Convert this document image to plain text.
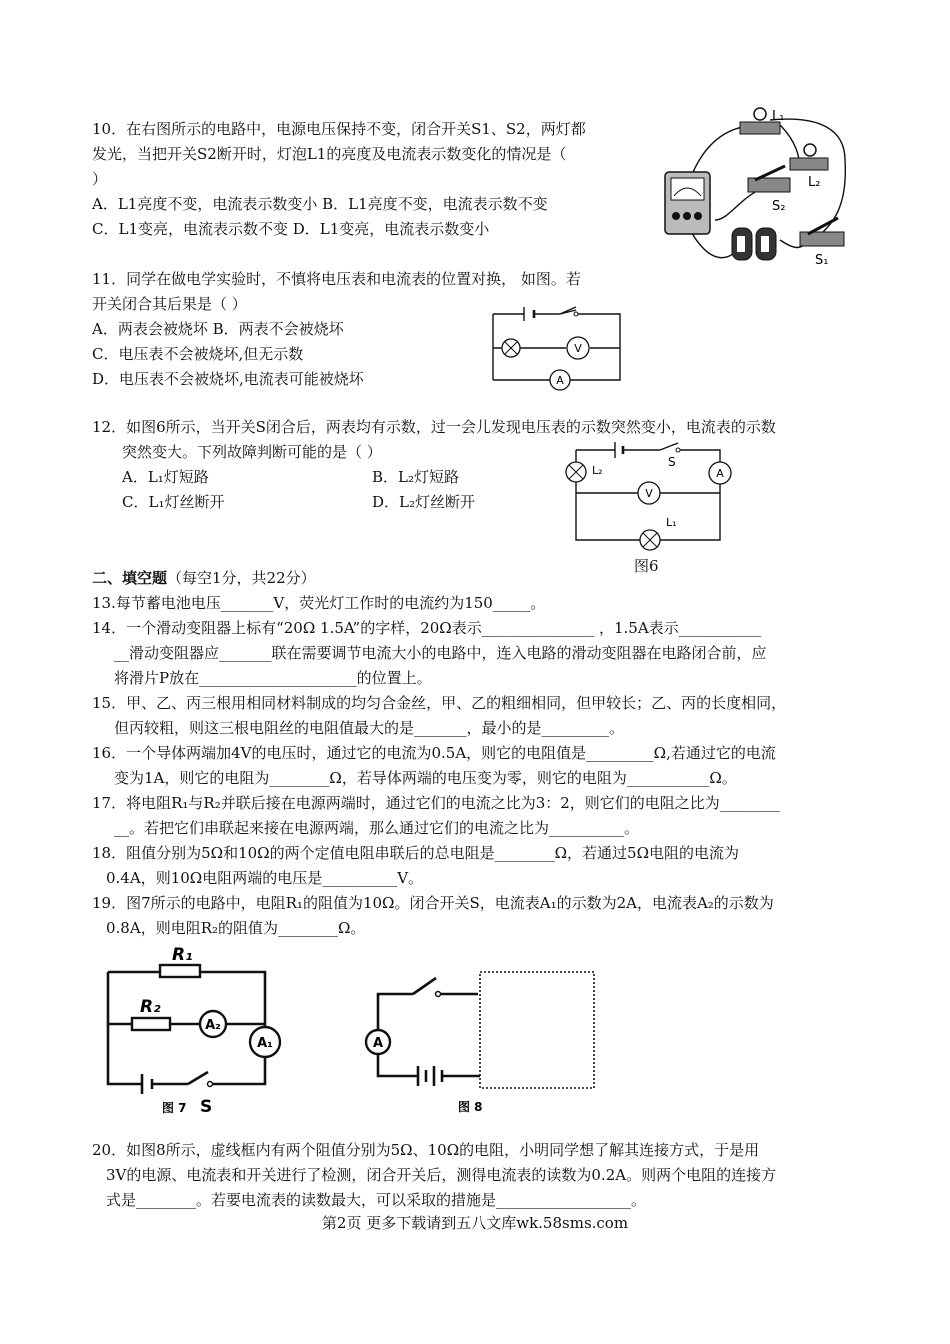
10．在右图所示的电路中，电源电压保持不变，闭合开关S1、S2，两灯都
发光，当把开关S2断开时，灯泡L1的亮度及电流表示数变化的情况是（
）
A．L1亮度不变，电流表示数变小 B．L1亮度不变，电流表示数不变
C．L1变亮，电流表示数不变 D．L1变亮，电流表示数变小
L₁
L₂
S₂
S₁
11．同学在做电学实验时，不慎将电压表和电流表的位置对换， 如图。若
开关闭合其后果是（ ）
A．两表会被烧坏 B．两表不会被烧坏
C．电压表不会被烧坏,但无示数
D．电压表不会被烧坏,电流表可能被烧坏
V
A
12．如图6所示，当开关S闭合后，两表均有示数，过一会儿发现电压表的示数突然变小，电流表的示数
突然变大。下列故障判断可能的是（ ）
A．L₁灯短路	B．L₂灯短路
C．L₁灯丝断开	D．L₂灯丝断开
S
L₂	A
V
L₁
图6
二、填空题（每空1分，共22分）
13.每节蓄电池电压_______V，荧光灯工作时的电流约为150_____。
14．一个滑动变阻器上标有“20Ω 1.5A”的字样，20Ω表示_______________ ，1.5A表示___________
__滑动变阻器应_______联在需要调节电流大小的电路中，连入电路的滑动变阻器在电路闭合前，应
将滑片P放在_____________________的位置上。
15．甲、乙、丙三根用相同材料制成的均匀合金丝，甲、乙的粗细相同，但甲较长；乙、丙的长度相同，
但丙较粗，则这三根电阻丝的电阻值最大的是_______，最小的是_________。
16．一个导体两端加4V的电压时，通过它的电流为0.5A，则它的电阻值是_________Ω,若通过它的电流
变为1A，则它的电阻为________Ω，若导体两端的电压变为零，则它的电阻为___________Ω。
17．将电阻R₁与R₂并联后接在电源两端时，通过它们的电流之比为3：2，则它们的电阻之比为________
__。若把它们串联起来接在电源两端，那么通过它们的电流之比为__________。
18．阻值分别为5Ω和10Ω的两个定值电阻串联后的总电阻是________Ω，若通过5Ω电阻的电流为
0.4A，则10Ω电阻两端的电压是__________V。
19．图7所示的电路中，电阻R₁的阻值为10Ω。闭合开关S，电流表A₁的示数为2A，电流表A₂的示数为
0.8A，则电阻R₂的阻值为________Ω。
R₁
R₂
A₂
A₁
S
图 7
A
图 8
20．如图8所示，虚线框内有两个阻值分别为5Ω、10Ω的电阻，小明同学想了解其连接方式，于是用
3V的电源、电流表和开关进行了检测，闭合开关后，测得电流表的读数为0.2A。则两个电阻的连接方
式是________。若要电流表的读数最大，可以采取的措施是__________________。
第2页 更多下载请到五八文库wk.58sms.com
